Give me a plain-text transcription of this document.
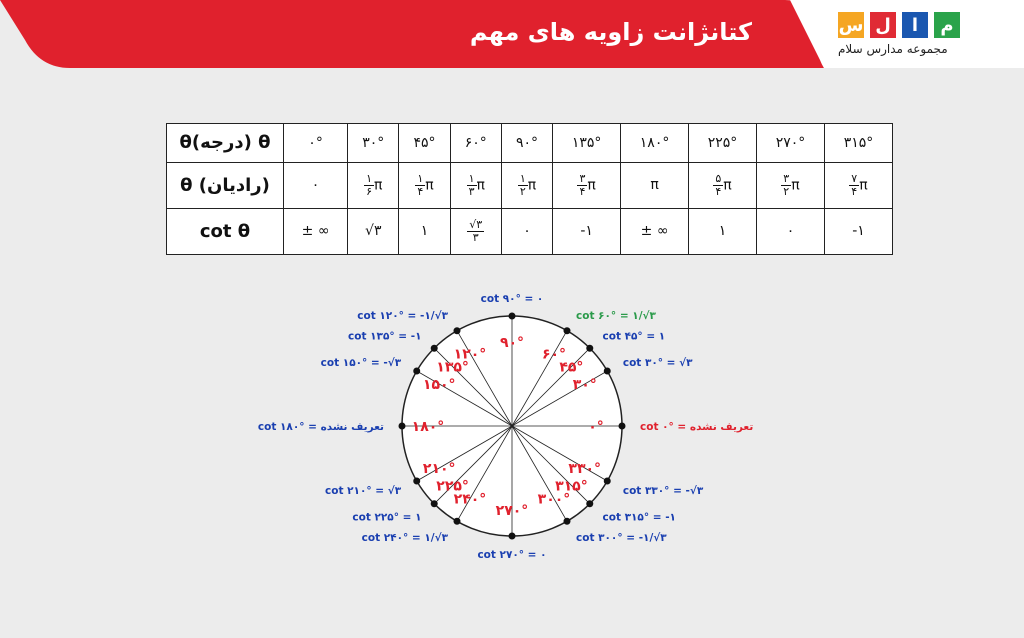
کتانژانت زاویه های مهم	س ل	ا	م
مجموعه مدارس سلام
θ(درجه) θ	۰°	۳۰°	۴۵°	۶۰°	۹۰°	۱۳۵°	۱۸۰°	۲۲۵°	۲۷۰°	۳۱۵°
θ (رادیان)	۰	$\frac{۱}{۶}$ π	$\frac{۱}{۴}$ π	$\frac{۱}{۳}$ π	$\frac{۱}{۲}$ π	$\frac{۳}{۴}$ π	π	$\frac{۵}{۴}$ π	$\frac{۳}{۲}$ π	$\frac{۷}{۴}$ π
cot θ	± ∞	√۳	۱	$\frac{√۳}{۳}$	۰	-۱	± ∞	۱	۰	-۱
۰°	cot ۰° = تعریف نشده
۳۰°
cot ۳۰° = √۳
۴۵°
cot ۴۵° = ۱
۶۰°
cot ۶۰° = ۱/√۳
۹۰°
cot ۹۰° = ۰
۱۲۰°
cot ۱۲۰° = -۱/√۳
۱۳۵°
cot ۱۳۵° = -۱
۱۵۰°
cot ۱۵۰° = -√۳
۱۸۰°
cot ۱۸۰° = تعریف نشده
۲۱۰°
cot ۲۱۰° = √۳	۲۲۵°
cot ۲۲۵° = ۱
۲۴۰°
cot ۲۴۰° = ۱/√۳
۲۷۰°
cot ۲۷۰° = ۰
۳۰۰°
cot ۳۰۰° = -۱/√۳
۳۱۵°
cot ۳۱۵° = -۱
۳۳۰°
cot ۳۳۰° = -√۳
